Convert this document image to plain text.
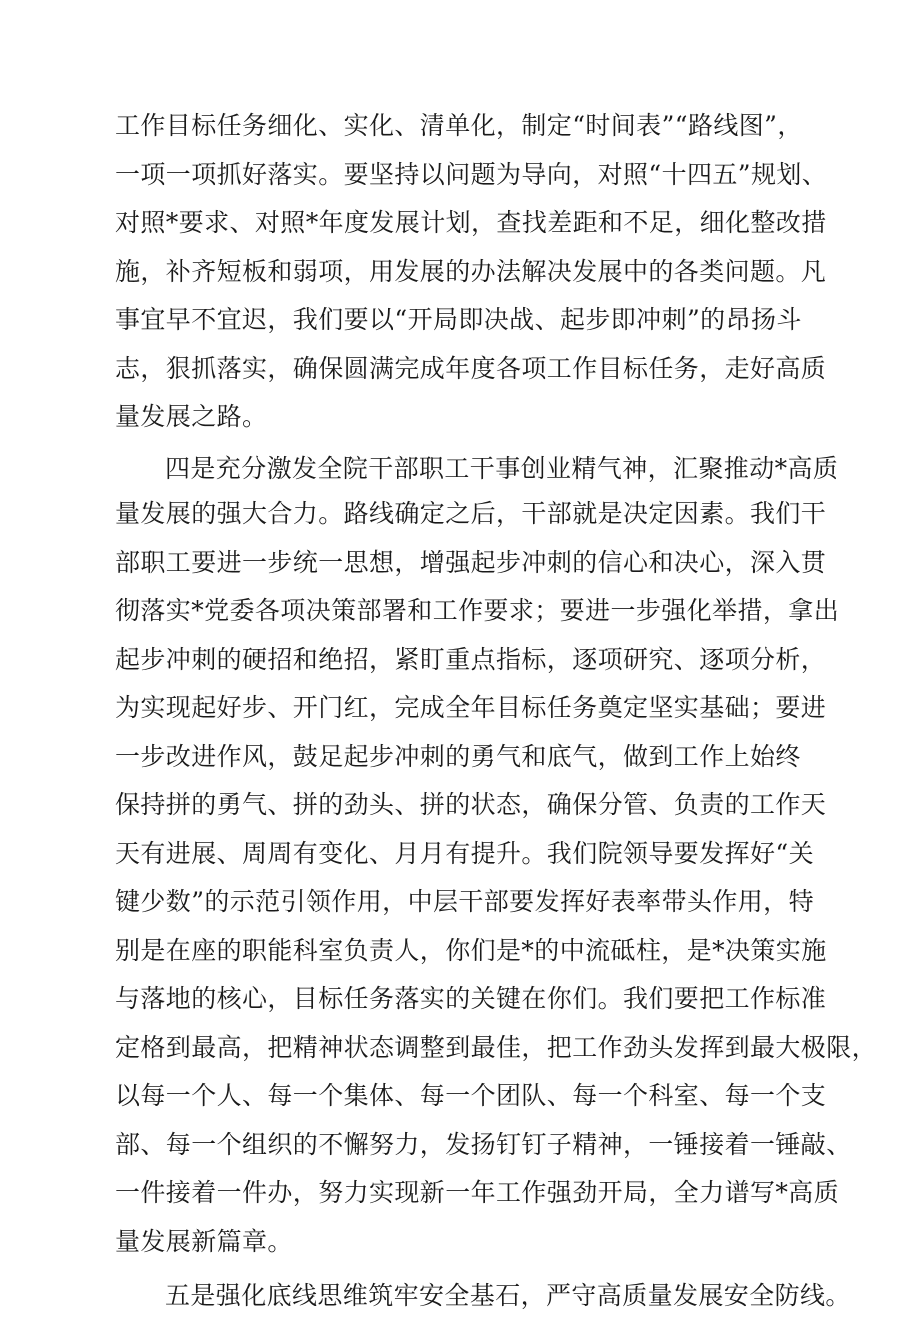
工作目标任务细化、实化、清单化，制定“时间表”“路线图”，
一项一项抓好落实。要坚持以问题为导向，对照“十四五”规划、
对照*要求、对照*年度发展计划，查找差距和不足，细化整改措
施，补齐短板和弱项，用发展的办法解决发展中的各类问题。凡
事宜早不宜迟，我们要以“开局即决战、起步即冲刺”的昂扬斗
志，狠抓落实，确保圆满完成年度各项工作目标任务，走好高质
量发展之路。
四是充分激发全院干部职工干事创业精气神，汇聚推动*高质
量发展的强大合力。路线确定之后，干部就是决定因素。我们干
部职工要进一步统一思想，增强起步冲刺的信心和决心，深入贯
彻落实*党委各项决策部署和工作要求；要进一步强化举措，拿出
起步冲刺的硬招和绝招，紧盯重点指标，逐项研究、逐项分析，
为实现起好步、开门红，完成全年目标任务奠定坚实基础；要进
一步改进作风，鼓足起步冲刺的勇气和底气，做到工作上始终
保持拼的勇气、拼的劲头、拼的状态，确保分管、负责的工作天
天有进展、周周有变化、月月有提升。我们院领导要发挥好“关
键少数”的示范引领作用，中层干部要发挥好表率带头作用，特
别是在座的职能科室负责人，你们是*的中流砥柱，是*决策实施
与落地的核心，目标任务落实的关键在你们。我们要把工作标准
定格到最高，把精神状态调整到最佳，把工作劲头发挥到最大极限，
以每一个人、每一个集体、每一个团队、每一个科室、每一个支
部、每一个组织的不懈努力，发扬钉钉子精神，一锤接着一锤敲、
一件接着一件办，努力实现新一年工作强劲开局，全力谱写*高质
量发展新篇章。
五是强化底线思维筑牢安全基石，严守高质量发展安全防线。
